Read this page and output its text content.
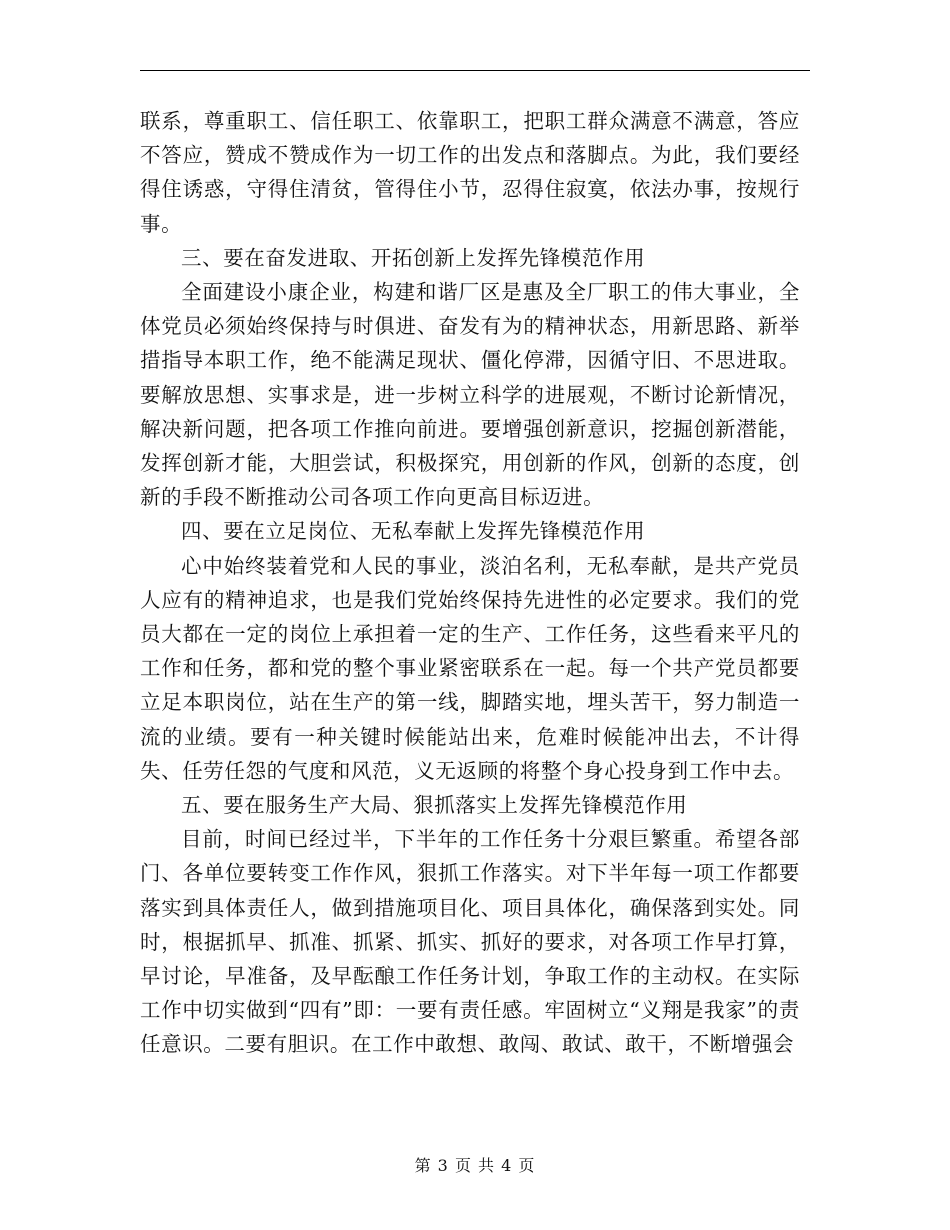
联系，尊重职工、信任职工、依靠职工，把职工群众满意不满意，答应不答应，赞成不赞成作为一切工作的出发点和落脚点。为此，我们要经得住诱惑，守得住清贫，管得住小节，忍得住寂寞，依法办事，按规行事。

三、要在奋发进取、开拓创新上发挥先锋模范作用

全面建设小康企业，构建和谐厂区是惠及全厂职工的伟大事业，全体党员必须始终保持与时俱进、奋发有为的精神状态，用新思路、新举措指导本职工作，绝不能满足现状、僵化停滞，因循守旧、不思进取。要解放思想、实事求是，进一步树立科学的进展观，不断讨论新情况，解决新问题，把各项工作推向前进。要增强创新意识，挖掘创新潜能，发挥创新才能，大胆尝试，积极探究，用创新的作风，创新的态度，创新的手段不断推动公司各项工作向更高目标迈进。

四、要在立足岗位、无私奉献上发挥先锋模范作用

心中始终装着党和人民的事业，淡泊名利，无私奉献，是共产党员人应有的精神追求，也是我们党始终保持先进性的必定要求。我们的党员大都在一定的岗位上承担着一定的生产、工作任务，这些看来平凡的工作和任务，都和党的整个事业紧密联系在一起。每一个共产党员都要立足本职岗位，站在生产的第一线，脚踏实地，埋头苦干，努力制造一流的业绩。要有一种关键时候能站出来，危难时候能冲出去，不计得失、任劳任怨的气度和风范，义无返顾的将整个身心投身到工作中去。

五、要在服务生产大局、狠抓落实上发挥先锋模范作用

目前，时间已经过半，下半年的工作任务十分艰巨繁重。希望各部门、各单位要转变工作作风，狠抓工作落实。对下半年每一项工作都要落实到具体责任人，做到措施项目化、项目具体化，确保落到实处。同时，根据抓早、抓准、抓紧、抓实、抓好的要求，对各项工作早打算，早讨论，早准备，及早酝酿工作任务计划，争取工作的主动权。在实际工作中切实做到“四有”即：一要有责任感。牢固树立“义翔是我家”的责任意识。二要有胆识。在工作中敢想、敢闯、敢试、敢干，不断增强会

第 3 页 共 4 页
